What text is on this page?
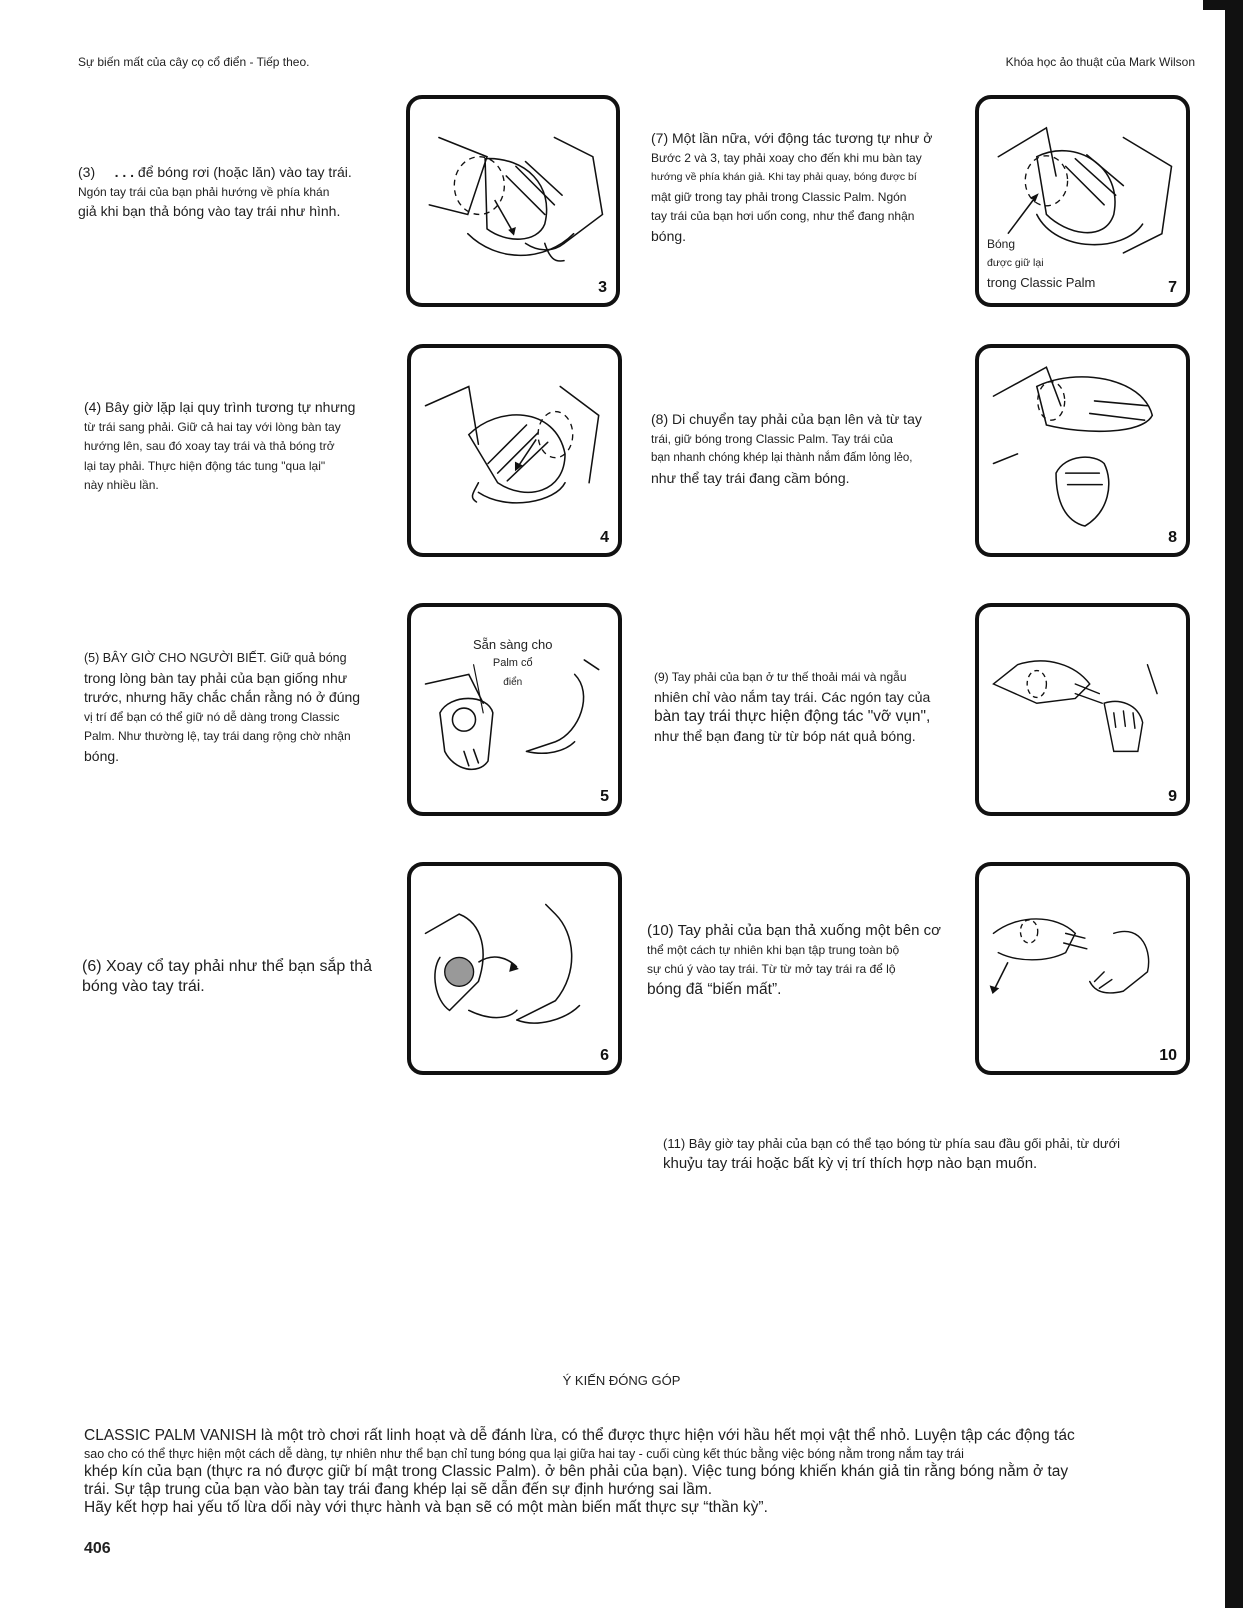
Sự biến mất của cây cọ cổ điển - Tiếp theo.	Khóa học ảo thuật của Mark Wilson
(3) . . . để bóng rơi (hoặc lăn) vào tay trái.
Ngón tay trái của bạn phải hướng về phía khán
giả khi bạn thả bóng vào tay trái như hình.
3
(7) Một lần nữa, với động tác tương tự như ở
Bước 2 và 3, tay phải xoay cho đến khi mu bàn tay
hướng về phía khán giả. Khi tay phải quay, bóng được bí
mật giữ trong tay phải trong Classic Palm. Ngón
tay trái của bạn hơi uốn cong, như thể đang nhận
bóng.
Bóng
được giữ lại
trong Classic Palm	7
(4) Bây giờ lặp lại quy trình tương tự nhưng
từ trái sang phải. Giữ cả hai tay với lòng bàn tay
hướng lên, sau đó xoay tay trái và thả bóng trở
lại tay phải. Thực hiện động tác tung "qua lại"
này nhiều lần.
4
(8) Di chuyển tay phải của bạn lên và từ tay
trái, giữ bóng trong Classic Palm. Tay trái của
bạn nhanh chóng khép lại thành nắm đấm lỏng lẻo,
như thể tay trái đang cầm bóng.
8
(5) BÂY GIỜ CHO NGƯỜI BIẾT. Giữ quả bóng
trong lòng bàn tay phải của bạn giống như
trước, nhưng hãy chắc chắn rằng nó ở đúng
vị trí để bạn có thể giữ nó dễ dàng trong Classic
Palm. Như thường lệ, tay trái dang rộng chờ nhận
bóng.
Sẵn sàng cho
Palm cổ
điển
5
(9) Tay phải của bạn ở tư thế thoải mái và ngẫu
nhiên chỉ vào nắm tay trái. Các ngón tay của
bàn tay trái thực hiện động tác "vỡ vụn",
như thể bạn đang từ từ bóp nát quả bóng.
9
(6) Xoay cổ tay phải như thể bạn sắp thả
bóng vào tay trái.
6
(10) Tay phải của bạn thả xuống một bên cơ
thể một cách tự nhiên khi bạn tập trung toàn bộ
sự chú ý vào tay trái. Từ từ mở tay trái ra để lộ
bóng đã “biến mất”.
10
(11) Bây giờ tay phải của bạn có thể tạo bóng từ phía sau đầu gối phải, từ dưới
khuỷu tay trái hoặc bất kỳ vị trí thích hợp nào bạn muốn.
Ý KIẾN ĐÓNG GÓP
CLASSIC PALM VANISH là một trò chơi rất linh hoạt và dễ đánh lừa, có thể được thực hiện với hầu hết mọi vật thể nhỏ. Luyện tập các động tác
sao cho có thể thực hiện một cách dễ dàng, tự nhiên như thể bạn chỉ tung bóng qua lại giữa hai tay - cuối cùng kết thúc bằng việc bóng nằm trong nắm tay trái
khép kín của bạn (thực ra nó được giữ bí mật trong Classic Palm). ở bên phải của bạn). Việc tung bóng khiến khán giả tin rằng bóng nằm ở tay
trái. Sự tập trung của bạn vào bàn tay trái đang khép lại sẽ dẫn đến sự định hướng sai lầm.
Hãy kết hợp hai yếu tố lừa dối này với thực hành và bạn sẽ có một màn biến mất thực sự “thần kỳ”.
406
